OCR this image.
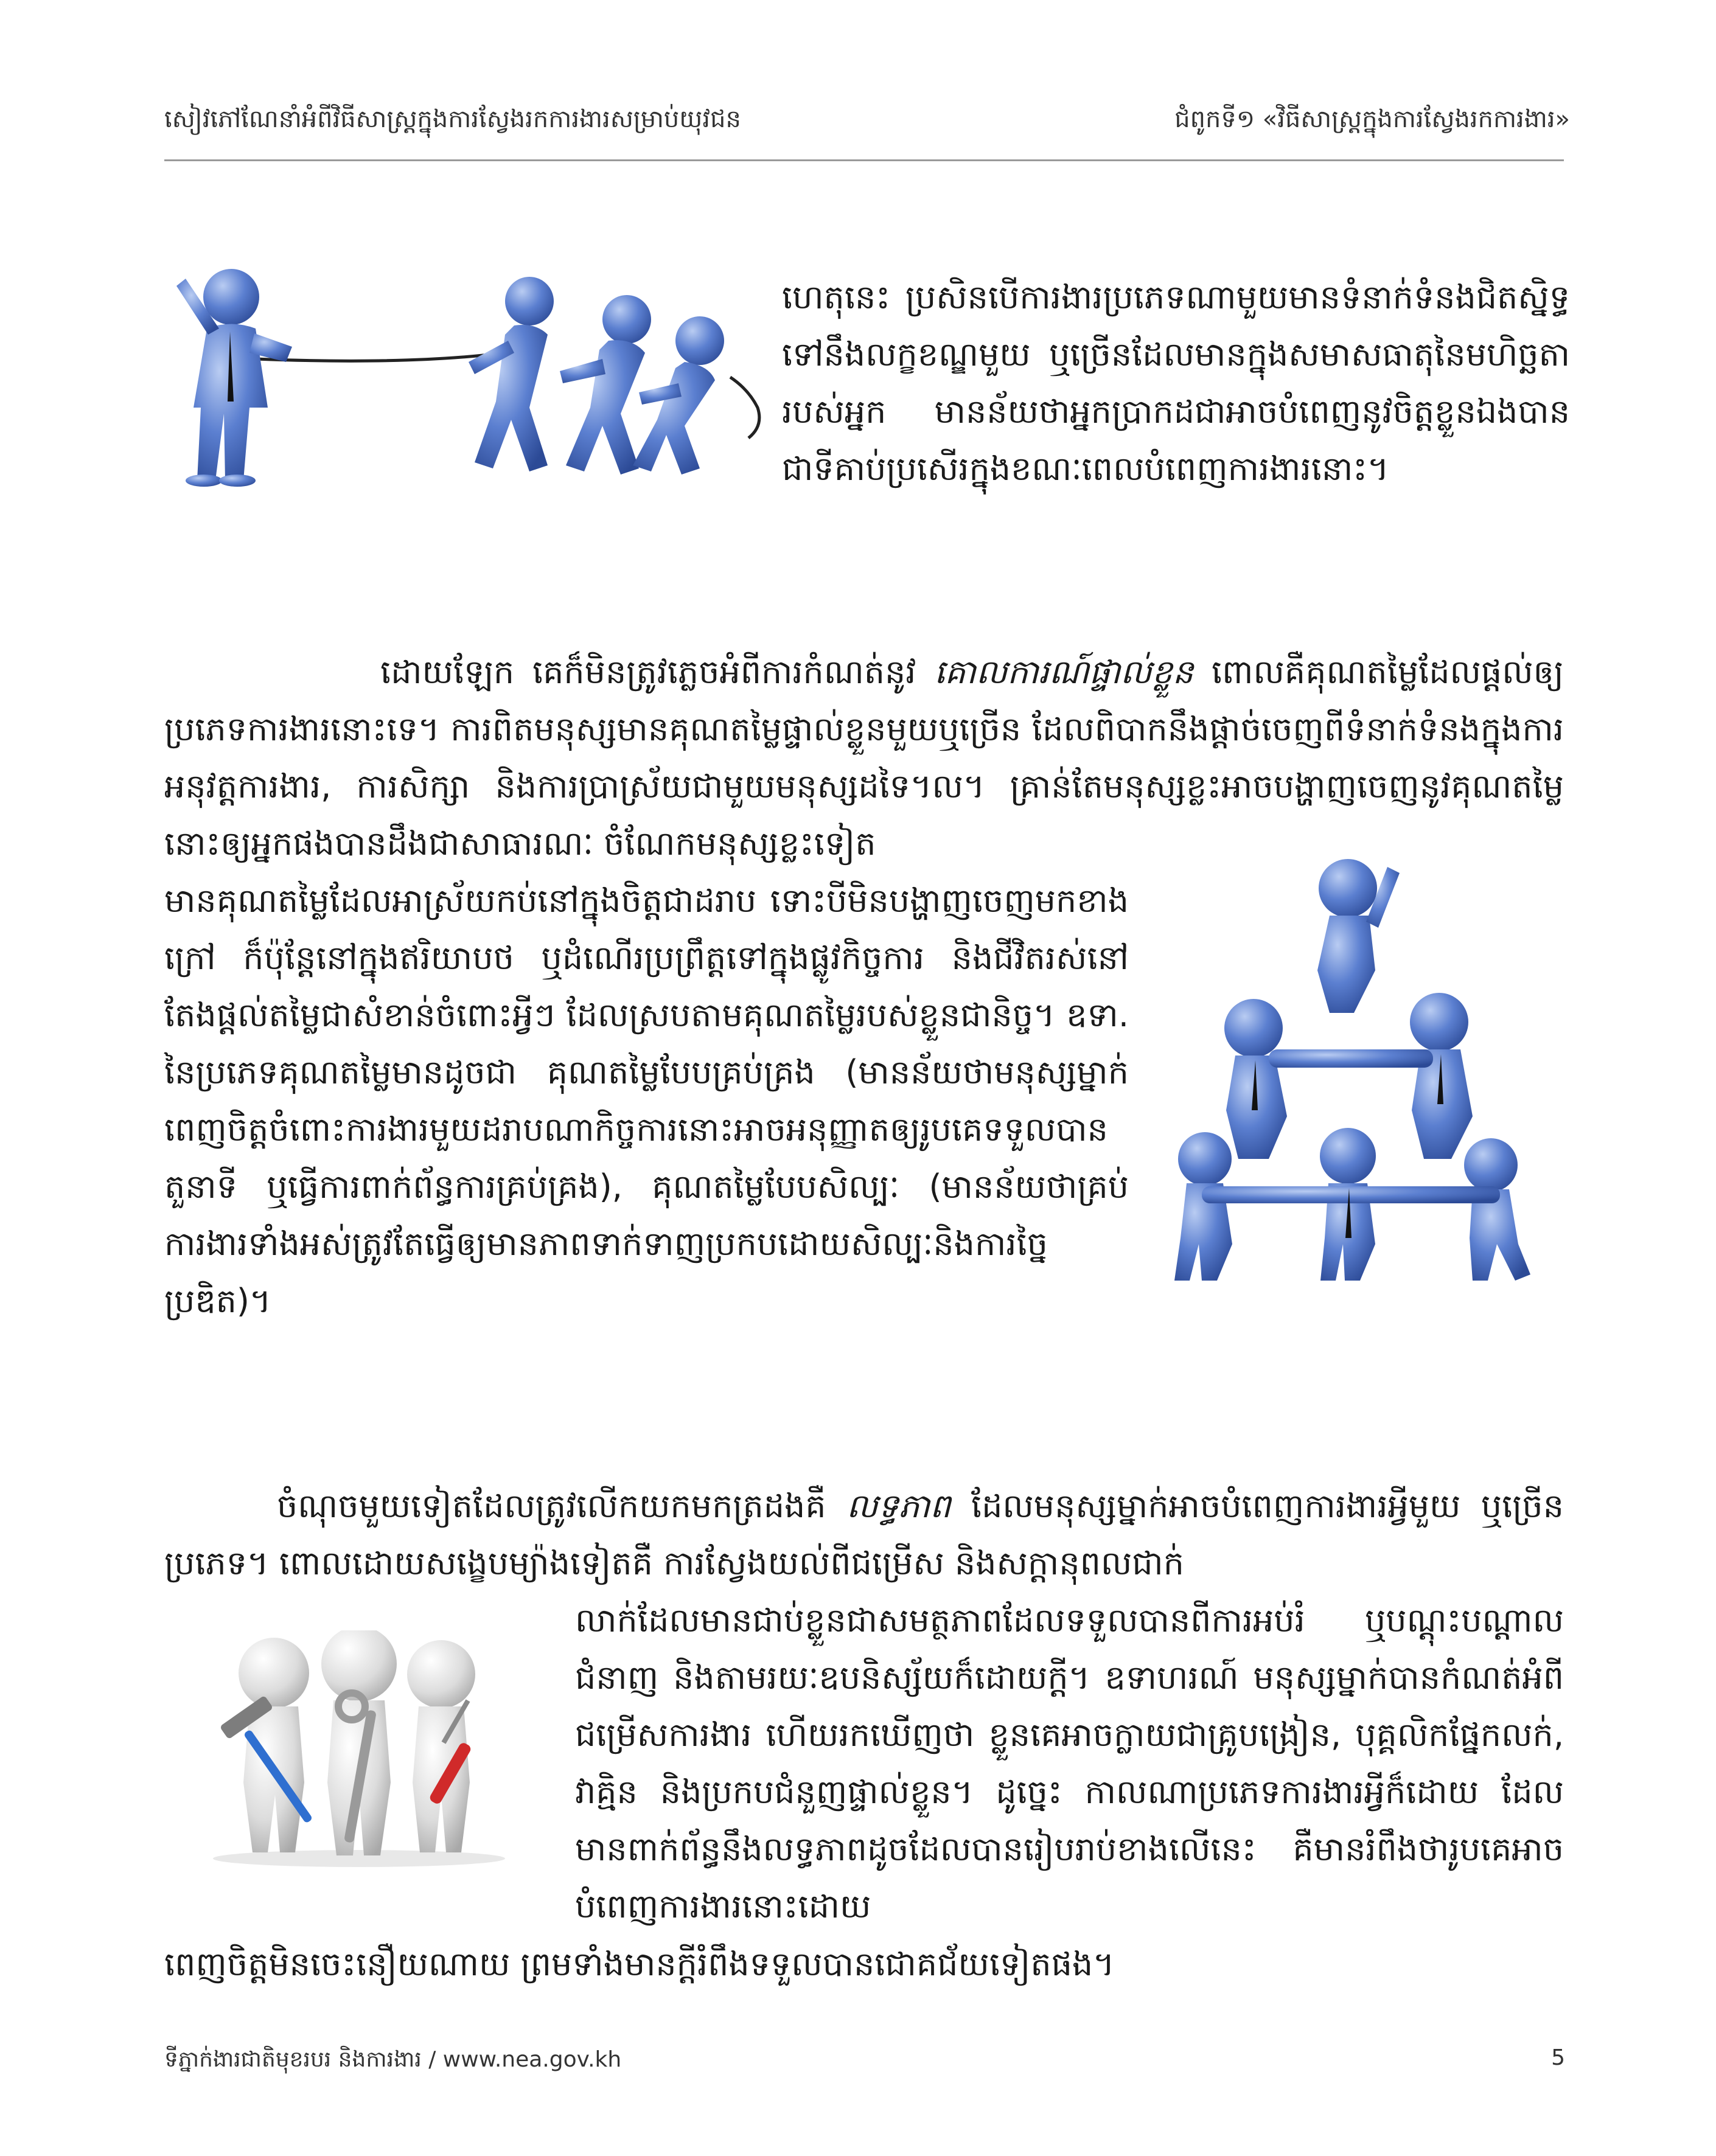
សៀវភៅណែនាំអំពីវិធីសាស្ត្រក្នុងការស្វែងរកការងារសម្រាប់យុវជន	ជំពូកទី១ «វិធីសាស្ត្រក្នុងការស្វែងរកការងារ»

ហេតុនេះ ប្រសិនបើការងារប្រភេទណាមួយមានទំនាក់ទំនងជិតស្និទ្ធទៅនឹងលក្ខខណ្ឌមួយ ឬច្រើនដែលមានក្នុងសមាសធាតុនៃមហិច្ឆតារបស់អ្នក មានន័យថាអ្នកប្រាកដជាអាចបំពេញនូវចិត្តខ្លួនឯងបានជាទីគាប់ប្រសើរក្នុងខណៈពេលបំពេញការងារនោះ។

ដោយឡែក គេក៏មិនត្រូវភ្លេចអំពីការកំណត់នូវ គោលការណ៍ផ្ទាល់ខ្លួន ពោលគឺគុណតម្លៃដែលផ្តល់ឲ្យប្រភេទការងារនោះទេ។ ការពិតមនុស្សមានគុណតម្លៃផ្ទាល់ខ្លួនមួយឬច្រើន ដែលពិបាកនឹងផ្តាច់ចេញពីទំនាក់ទំនងក្នុងការអនុវត្តការងារ, ការសិក្សា និងការប្រាស្រ័យជាមួយមនុស្សដទៃ។ល។ គ្រាន់តែមនុស្សខ្លះអាចបង្ហាញចេញនូវគុណតម្លៃនោះឲ្យអ្នកផងបានដឹងជាសាធារណៈ ចំណែកមនុស្សខ្លះទៀត

មានគុណតម្លៃដែលអាស្រ័យកប់នៅក្នុងចិត្តជាដរាប ទោះបីមិនបង្ហាញចេញមកខាងក្រៅ ក៏ប៉ុន្តែនៅក្នុងឥរិយាបថ ឬដំណើរប្រព្រឹត្តទៅក្នុងផ្លូវកិច្ចការ និងជីវិតរស់នៅតែងផ្តល់តម្លៃជាសំខាន់ចំពោះអ្វីៗ ដែលស្របតាមគុណតម្លៃរបស់ខ្លួនជានិច្ច។ ឧទា. នៃប្រភេទគុណតម្លៃមានដូចជា គុណតម្លៃបែបគ្រប់គ្រង (មានន័យថាមនុស្សម្នាក់ពេញចិត្តចំពោះការងារមួយដរាបណាកិច្ចការនោះអាចអនុញ្ញាតឲ្យរូបគេទទួលបានតួនាទី ឬធ្វើការពាក់ព័ន្ធការគ្រប់គ្រង), គុណតម្លៃបែបសិល្បៈ (មានន័យថាគ្រប់ការងារទាំងអស់ត្រូវតែធ្វើឲ្យមានភាពទាក់ទាញប្រកបដោយសិល្បៈនិងការច្នៃប្រឌិត)។

ចំណុចមួយទៀតដែលត្រូវលើកយកមកត្រដងគឺ លទ្ធភាព ដែលមនុស្សម្នាក់អាចបំពេញការងារអ្វីមួយ ឬច្រើនប្រភេទ។ ពោលដោយសង្ខេបម្យ៉ាងទៀតគឺ ការស្វែងយល់ពីជម្រើស និងសក្តានុពលជាក់

លាក់ដែលមានជាប់ខ្លួនជាសមត្ថភាពដែលទទួលបានពីការអប់រំ ឬបណ្តុះបណ្តាលជំនាញ និងតាមរយៈឧបនិស្ស័យក៏ដោយក្តី។ ឧទាហរណ៍ មនុស្សម្នាក់បានកំណត់អំពីជម្រើសការងារ ហើយរកឃើញថា ខ្លួនគេអាចក្លាយជាគ្រូបង្រៀន, បុគ្គលិកផ្នែកលក់, វាគ្មិន និងប្រកបជំនួញផ្ទាល់ខ្លួន។ ដូច្នេះ កាលណាប្រភេទការងារអ្វីក៏ដោយ ដែលមានពាក់ព័ន្ធនឹងលទ្ធភាពដូចដែលបានរៀបរាប់ខាងលើនេះ គឺមានរំពឹងថារូបគេអាចបំពេញការងារនោះដោយ

ពេញចិត្តមិនចេះនឿយណាយ ព្រមទាំងមានក្តីរំពឹងទទួលបានជោគជ័យទៀតផង។

ទីភ្នាក់ងារជាតិមុខរបរ និងការងារ / www.nea.gov.kh	5
